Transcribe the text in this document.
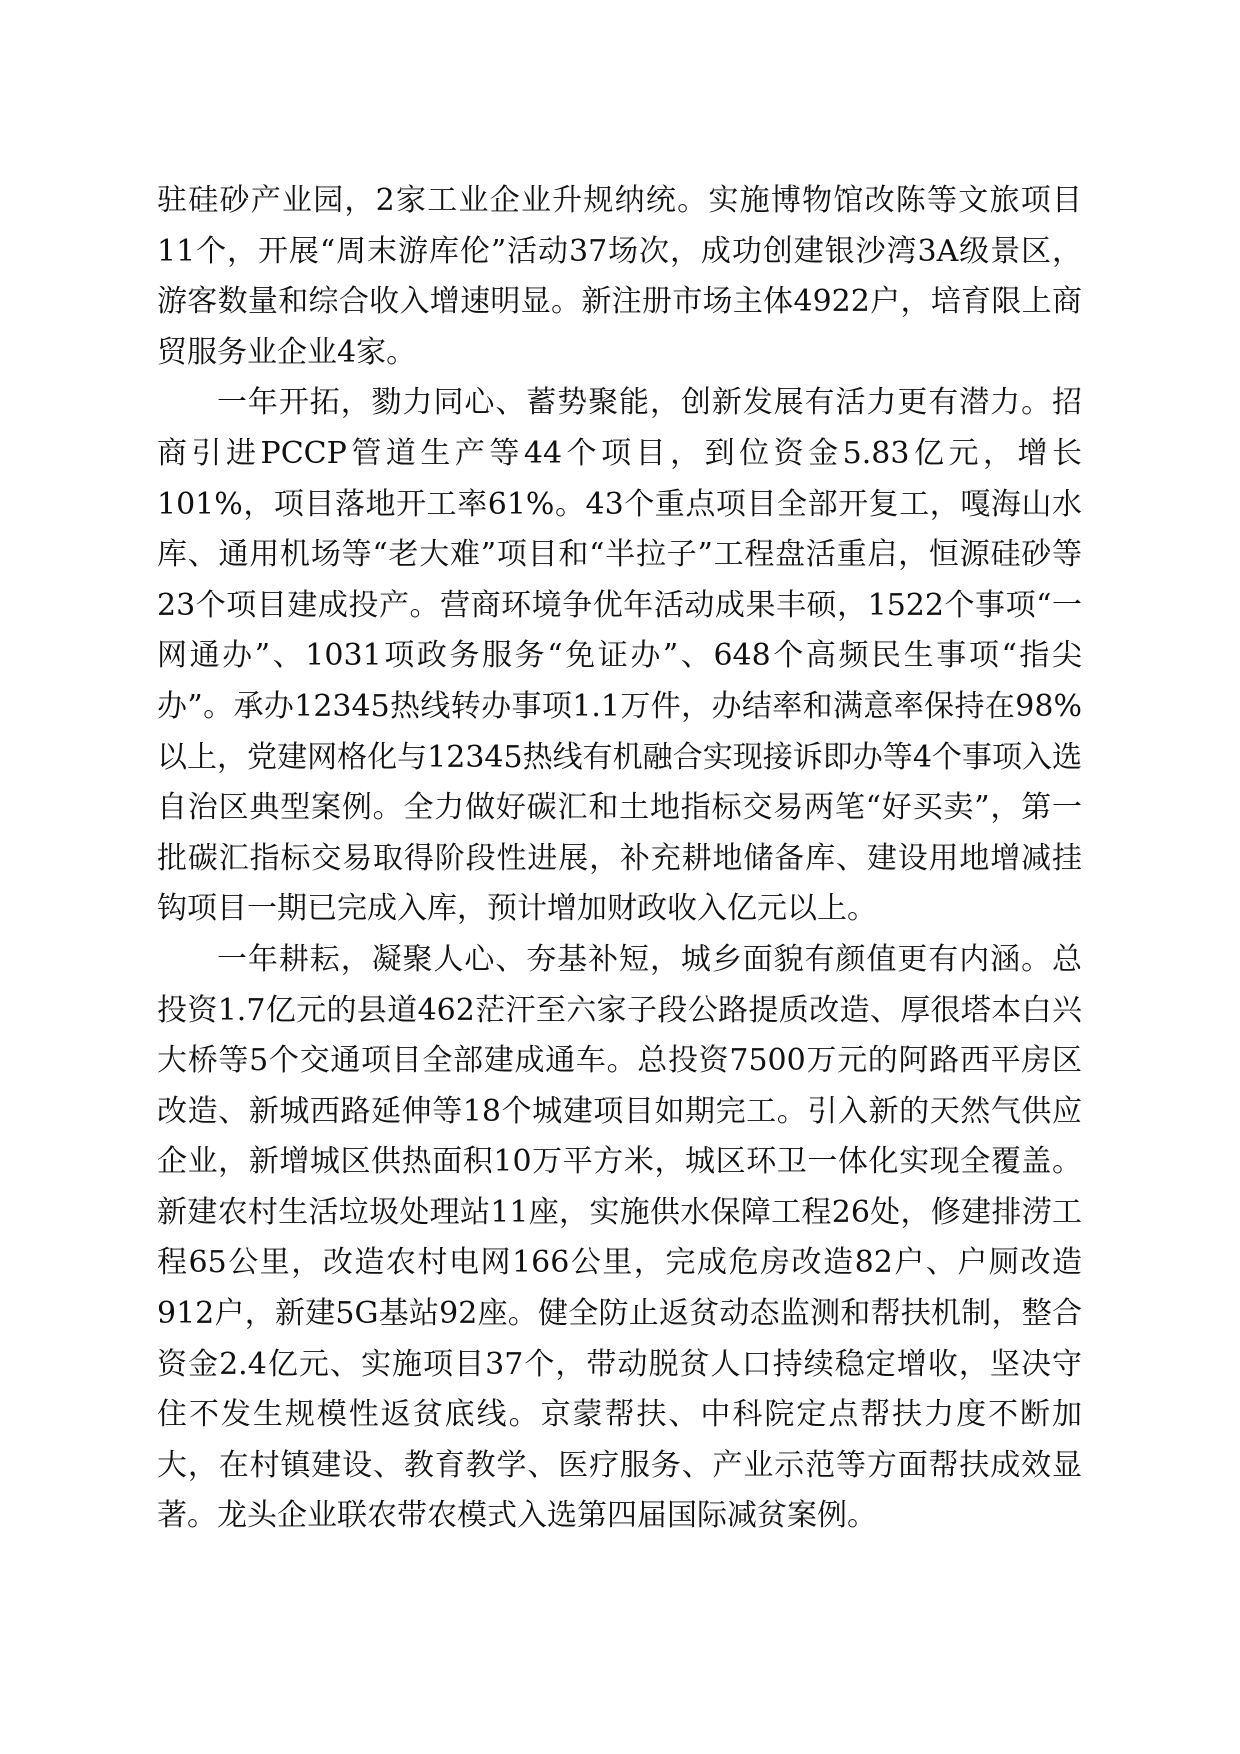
驻硅砂产业园，2家工业企业升规纳统。实施博物馆改陈等文旅项目11个，开展“周末游库伦”活动37场次，成功创建银沙湾3A级景区，游客数量和综合收入增速明显。新注册市场主体4922户，培育限上商贸服务业企业4家。

一年开拓，勠力同心、蓄势聚能，创新发展有活力更有潜力。招商引进PCCP管道生产等44个项目，到位资金5.83亿元，增长101%，项目落地开工率61%。43个重点项目全部开复工，嘎海山水库、通用机场等“老大难”项目和“半拉子”工程盘活重启，恒源硅砂等23个项目建成投产。营商环境争优年活动成果丰硕，1522个事项“一网通办”、1031项政务服务“免证办”、648个高频民生事项“指尖办”。承办12345热线转办事项1.1万件，办结率和满意率保持在98%以上，党建网格化与12345热线有机融合实现接诉即办等4个事项入选自治区典型案例。全力做好碳汇和土地指标交易两笔“好买卖”，第一批碳汇指标交易取得阶段性进展，补充耕地储备库、建设用地增减挂钩项目一期已完成入库，预计增加财政收入亿元以上。

一年耕耘，凝聚人心、夯基补短，城乡面貌有颜值更有内涵。总投资1.7亿元的县道462茫汗至六家子段公路提质改造、厚很塔本白兴大桥等5个交通项目全部建成通车。总投资7500万元的阿路西平房区改造、新城西路延伸等18个城建项目如期完工。引入新的天然气供应企业，新增城区供热面积10万平方米，城区环卫一体化实现全覆盖。新建农村生活垃圾处理站11座，实施供水保障工程26处，修建排涝工程65公里，改造农村电网166公里，完成危房改造82户、户厕改造912户，新建5G基站92座。健全防止返贫动态监测和帮扶机制，整合资金2.4亿元、实施项目37个，带动脱贫人口持续稳定增收，坚决守住不发生规模性返贫底线。京蒙帮扶、中科院定点帮扶力度不断加大，在村镇建设、教育教学、医疗服务、产业示范等方面帮扶成效显著。龙头企业联农带农模式入选第四届国际减贫案例。
